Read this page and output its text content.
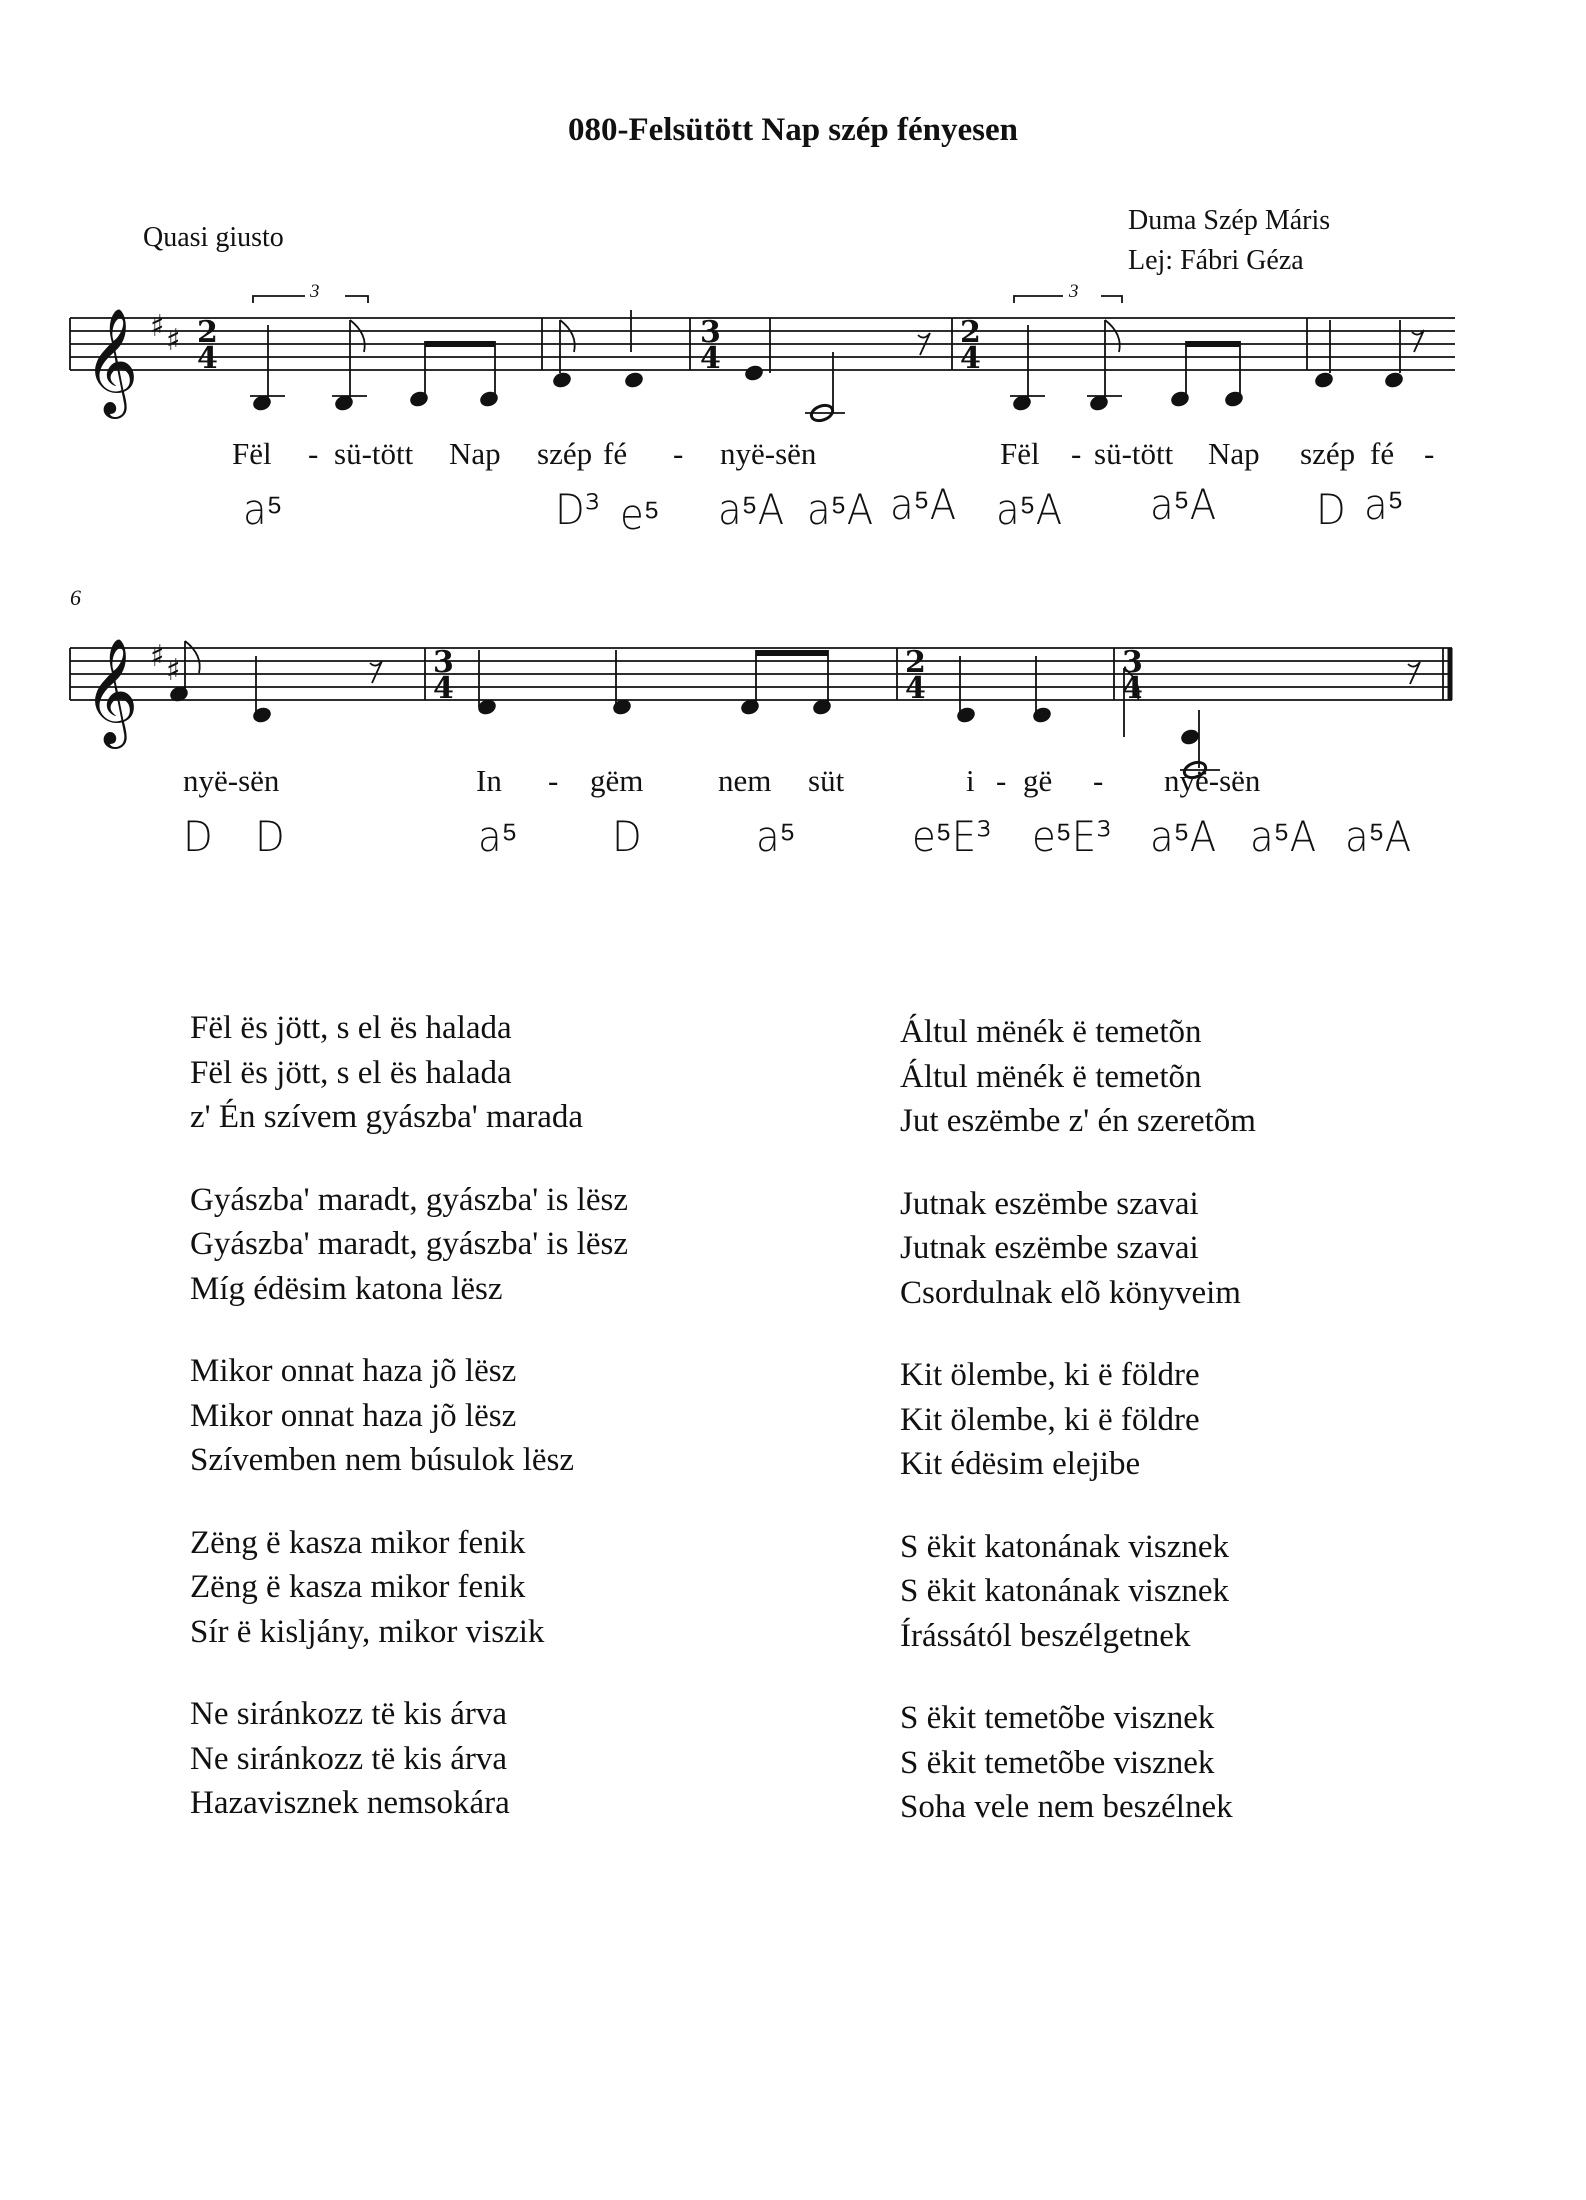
080-Felsütött Nap szép fényesen
Quasi giusto
Duma Szép Máris
Lej: Fábri Géza
𝄞
𝄞
♯ ♯
♯ ♯
2
4
3
4
2
4
3
4
2
4
3
4
3	3
6
Fël - sü-tött Nap szép fé - nyë-sën	Fël - sü-tött Nap szép fé -
a⁵	D³ e⁵ a⁵A a⁵A a⁵A a⁵A a⁵A D a⁵
nyë-sën	In - gëm nem süt	i - gë - nyë-sën
D D	a⁵ D	a⁵	e⁵E³ e⁵E³ a⁵A a⁵A a⁵A

Fël ës jött, s el ës halada
Fël ës jött, s el ës halada
z' Én szívem gyászba' marada

Gyászba' maradt, gyászba' is lësz
Gyászba' maradt, gyászba' is lësz
Míg édësim katona lësz

Mikor onnat haza jõ lësz
Mikor onnat haza jõ lësz
Szívemben nem búsulok lësz

Zëng ë kasza mikor fenik
Zëng ë kasza mikor fenik
Sír ë kisljány, mikor viszik

Ne siránkozz të kis árva
Ne siránkozz të kis árva
Hazavisznek nemsokára

Áltul mënék ë temetõn
Áltul mënék ë temetõn
Jut eszëmbe z' én szeretõm

Jutnak eszëmbe szavai
Jutnak eszëmbe szavai
Csordulnak elõ könyveim

Kit ölembe, ki ë földre
Kit ölembe, ki ë földre
Kit édësim elejibe

S ëkit katonának visznek
S ëkit katonának visznek
Írássától beszélgetnek

S ëkit temetõbe visznek
S ëkit temetõbe visznek
Soha vele nem beszélnek
